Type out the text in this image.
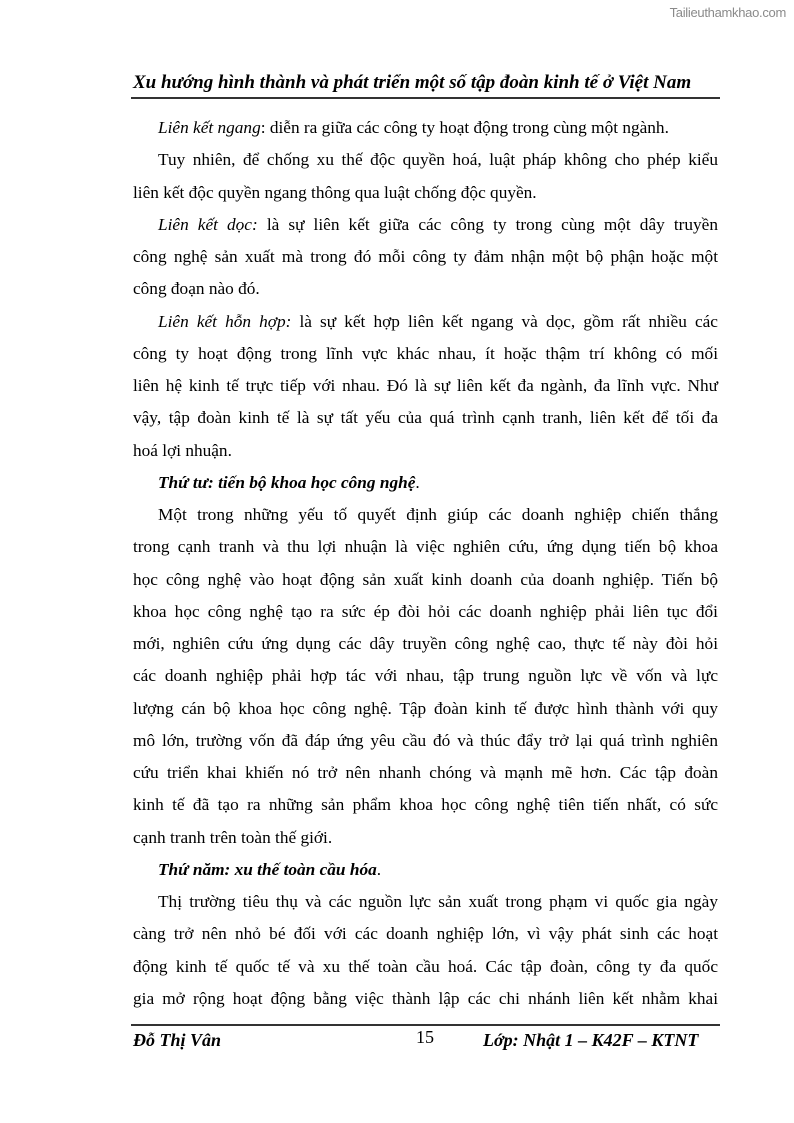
Tailieuthamkhao.com
Xu hướng hình thành và phát triển một số tập đoàn kinh tế ở Việt Nam
Liên kết ngang: diễn ra giữa các công ty hoạt động trong cùng một ngành.
Tuy nhiên, để chống xu thế độc quyền hoá, luật pháp không cho phép kiểu
liên kết độc quyền ngang thông qua luật chống độc quyền.
Liên kết dọc: là sự liên kết giữa các công ty trong cùng một dây truyền
công nghệ sản xuất mà trong đó mỗi công ty đảm nhận một bộ phận hoặc một
công đoạn nào đó.
Liên kết hỗn hợp: là sự kết hợp liên kết ngang và dọc, gồm rất nhiều các
công ty hoạt động trong lĩnh vực khác nhau, ít hoặc thậm trí không có mối
liên hệ kinh tế trực tiếp với nhau. Đó là sự liên kết đa ngành, đa lĩnh vực. Như
vậy, tập đoàn kinh tế là sự tất yếu của quá trình cạnh tranh, liên kết để tối đa
hoá lợi nhuận.
Thứ tư: tiến bộ khoa học công nghệ.
Một trong những yếu tố quyết định giúp các doanh nghiệp chiến thắng
trong cạnh tranh và thu lợi nhuận là việc nghiên cứu, ứng dụng tiến bộ khoa
học công nghệ vào hoạt động sản xuất kinh doanh của doanh nghiệp. Tiến bộ
khoa học công nghệ tạo ra sức ép đòi hỏi các doanh nghiệp phải liên tục đổi
mới, nghiên cứu ứng dụng các dây truyền công nghệ cao, thực tế này đòi hỏi
các doanh nghiệp phải hợp tác với nhau, tập trung nguồn lực về vốn và lực
lượng cán bộ khoa học công nghệ. Tập đoàn kinh tế được hình thành với quy
mô lớn, trường vốn đã đáp ứng yêu cầu đó và thúc đẩy trở lại quá trình nghiên
cứu triển khai khiến nó trở nên nhanh chóng và mạnh mẽ hơn. Các tập đoàn
kinh tế đã tạo ra những sản phẩm khoa học công nghệ tiên tiến nhất, có sức
cạnh tranh trên toàn thế giới.
Thứ năm: xu thế toàn cầu hóa.
Thị trường tiêu thụ và các nguồn lực sản xuất trong phạm vi quốc gia ngày
càng trở nên nhỏ bé đối với các doanh nghiệp lớn, vì vậy phát sinh các hoạt
động kinh tế quốc tế và xu thế toàn cầu hoá. Các tập đoàn, công ty đa quốc
gia mở rộng hoạt động bằng việc thành lập các chi nhánh liên kết nhằm khai
Đỗ Thị Vân	15	Lớp: Nhật 1 – K42F – KTNT
